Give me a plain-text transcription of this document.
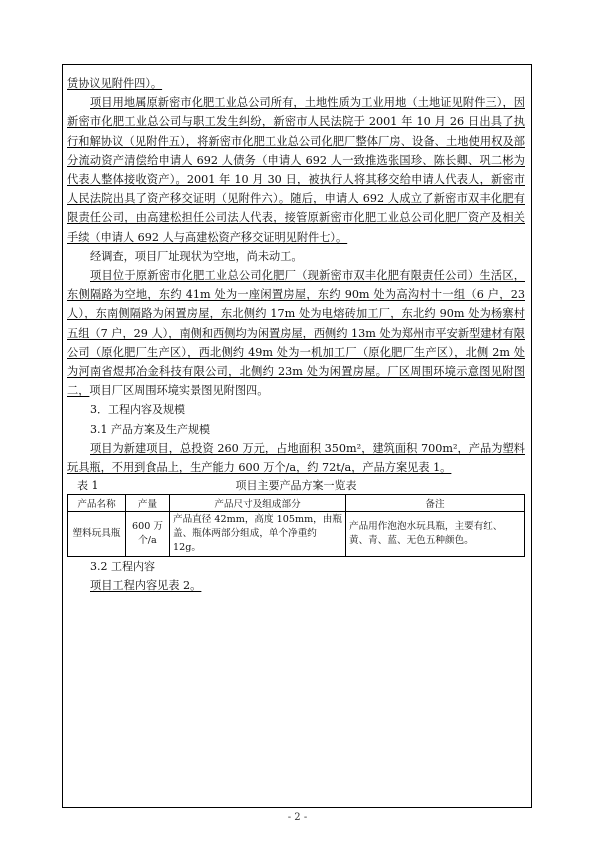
赁协议见附件四）。

项目用地属原新密市化肥工业总公司所有，土地性质为工业用地（土地证见附件三），因新密市化肥工业总公司与职工发生纠纷，新密市人民法院于 2001 年 10 月 26 日出具了执行和解协议（见附件五），将新密市化肥工业总公司化肥厂整体厂房、设备、土地使用权及部分流动资产清偿给申请人 692 人债务（申请人 692 人一致推选张国珍、陈长卿、巩二彬为代表人整体接收资产）。2001 年 10 月 30 日，被执行人将其移交给申请人代表人，新密市人民法院出具了资产移交证明（见附件六）。随后，申请人 692 人成立了新密市双丰化肥有限责任公司，由高建松担任公司法人代表，接管原新密市化肥工业总公司化肥厂资产及相关手续（申请人 692 人与高建松资产移交证明见附件七）。

经调查，项目厂址现状为空地，尚未动工。

项目位于原新密市化肥工业总公司化肥厂（现新密市双丰化肥有限责任公司）生活区，东侧隔路为空地，东约 41m 处为一座闲置房屋，东约 90m 处为高沟村十一组（6 户，23 人），东南侧隔路为闲置房屋，东北侧约 17m 处为电熔砖加工厂，东北约 90m 处为杨寨村五组（7 户，29 人），南侧和西侧均为闲置房屋，西侧约 13m 处为郑州市平安新型建材有限公司（原化肥厂生产区），西北侧约 49m 处为一机加工厂（原化肥厂生产区），北侧 2m 处为河南省煜邦冶金科技有限公司，北侧约 23m 处为闲置房屋。厂区周围环境示意图见附图二，项目厂区周围环境实景图见附图四。

3．工程内容及规模

3.1 产品方案及生产规模

项目为新建项目，总投资 260 万元，占地面积 350m²，建筑面积 700m²，产品为塑料玩具瓶，不用到食品上，生产能力 600 万个/a，约 72t/a，产品方案见表 1。

表 1	项目主要产品方案一览表
产品名称	产量	产品尺寸及组成部分	备注
塑料玩具瓶	600 万个/a	产品直径 42mm，高度 105mm，由瓶盖、瓶体两部分组成，单个净重约 12g。	产品用作泡泡水玩具瓶，主要有红、黄、青、蓝、无色五种颜色。

3.2 工程内容

项目工程内容见表 2。

- 2 -
